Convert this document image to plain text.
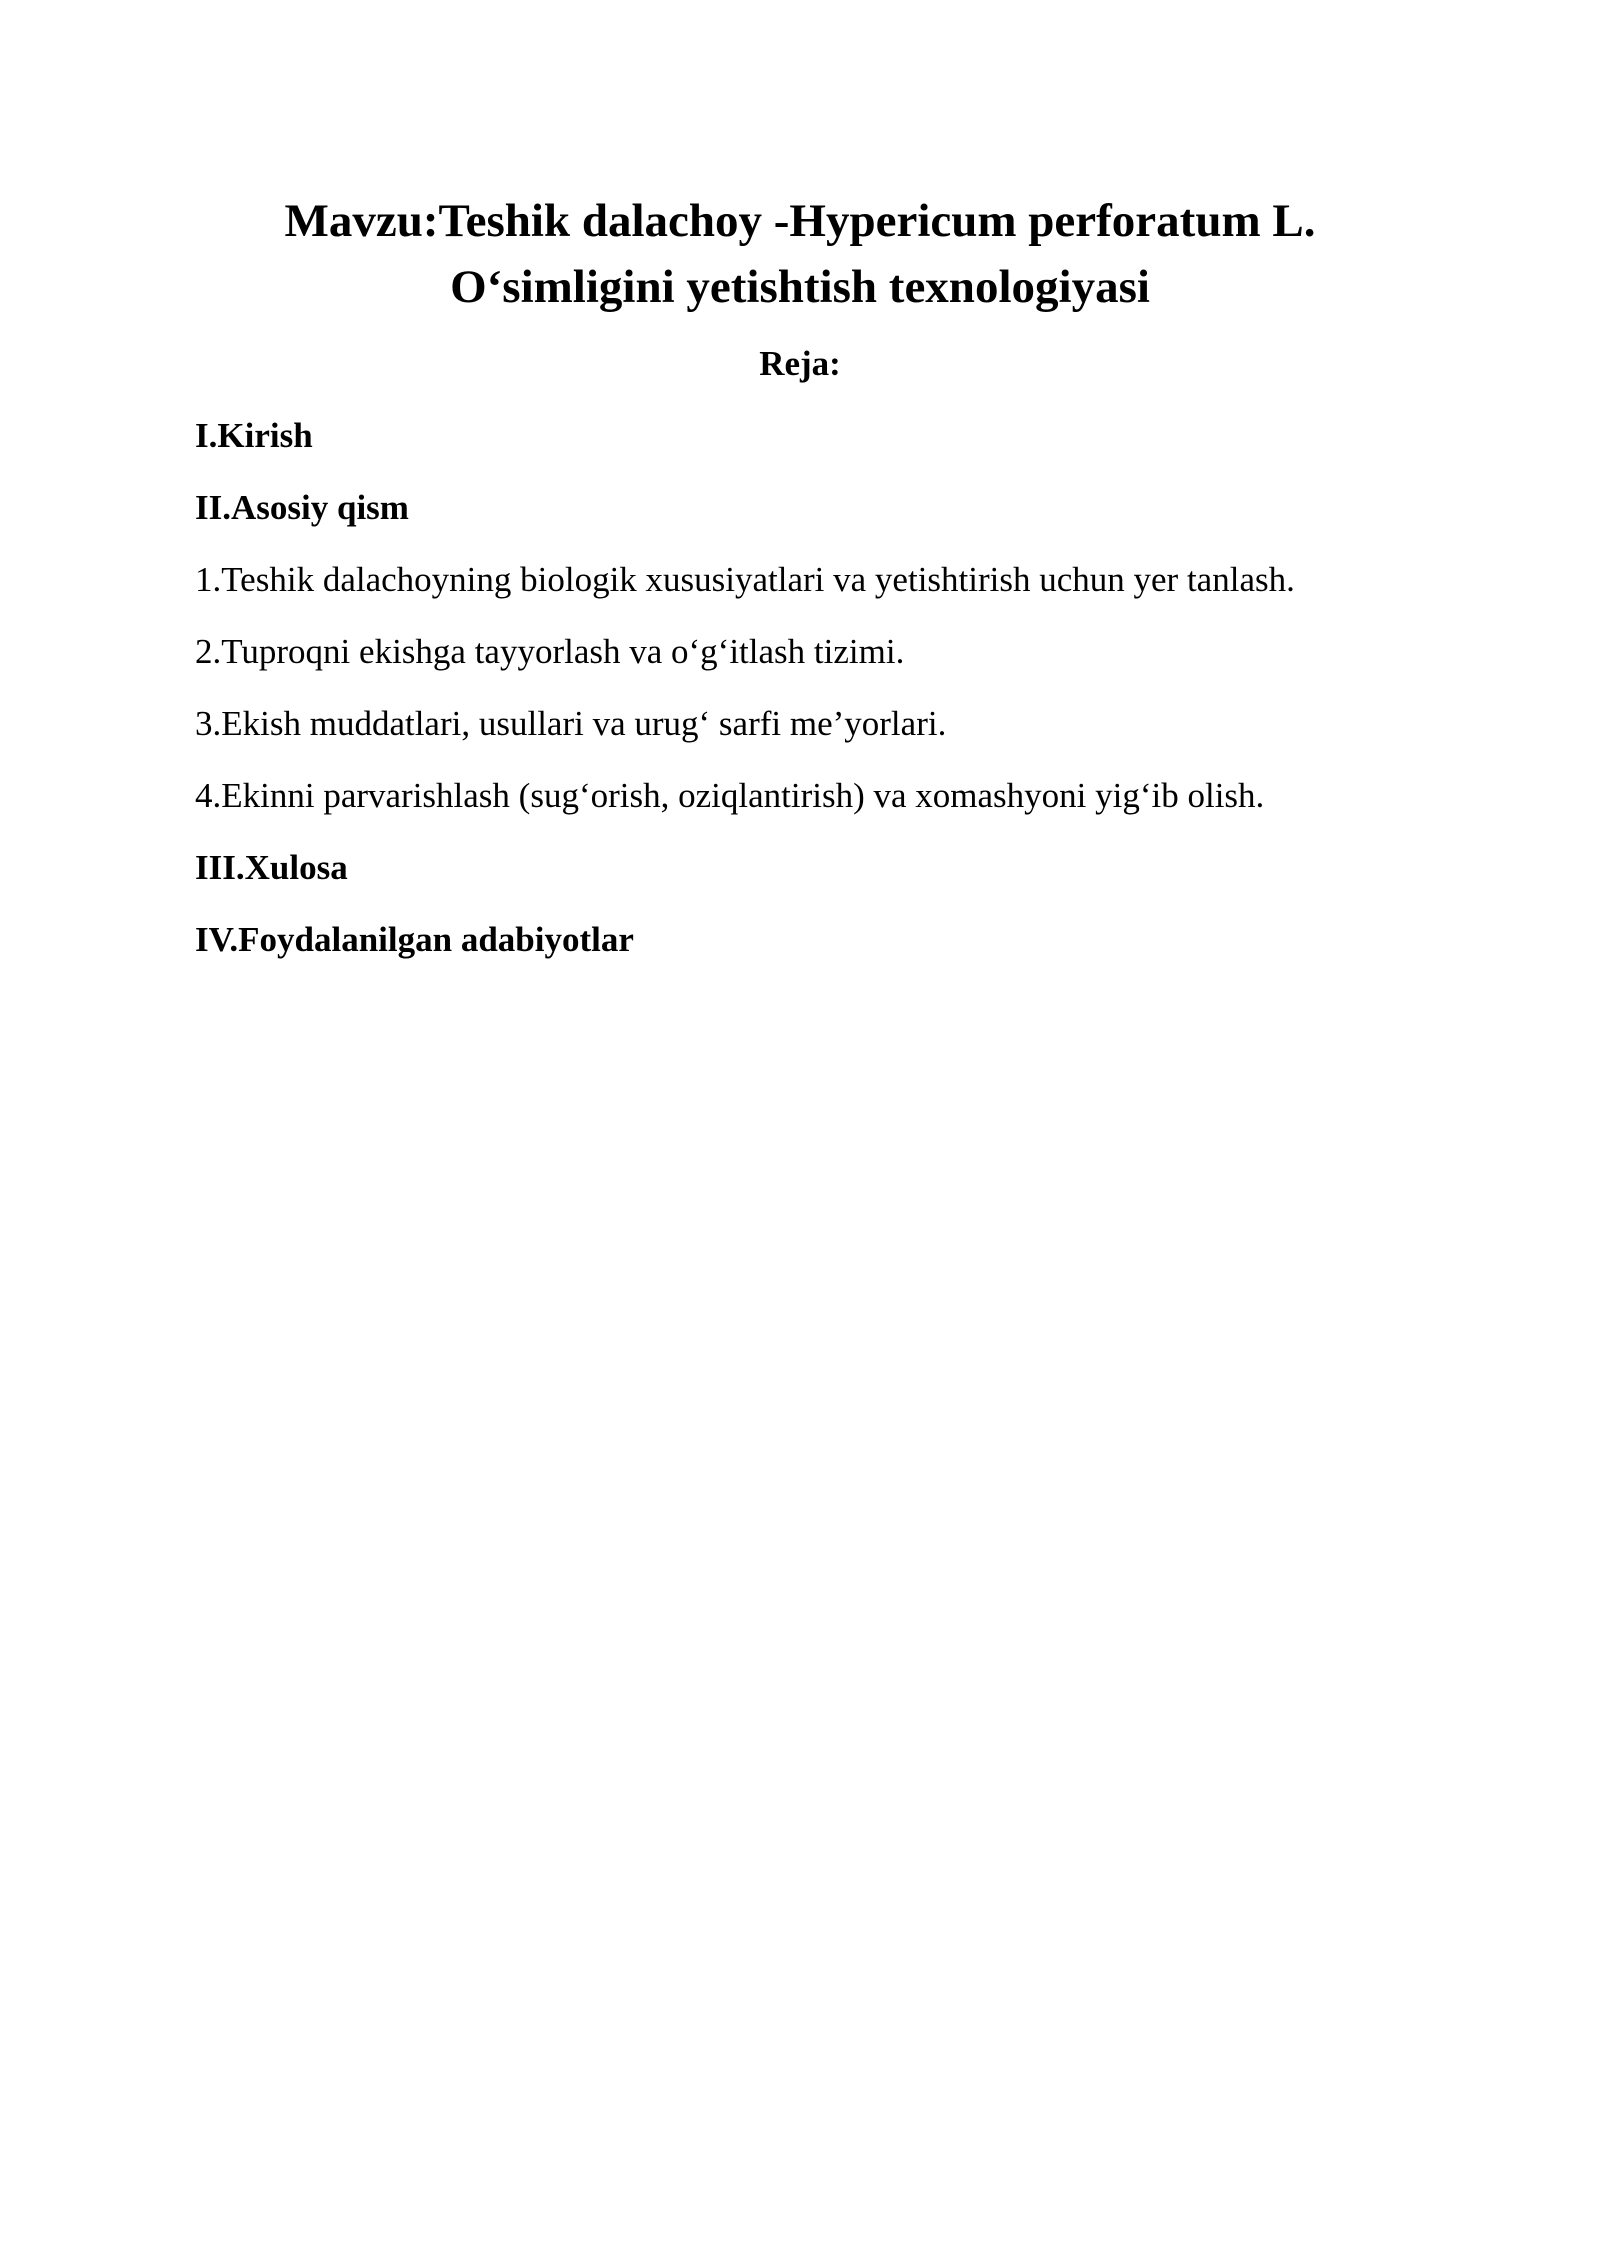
Mavzu:Teshik dalachoy -Hypericum perforatum L.
O‘simligini yetishtish texnologiyasi
Reja:
I.Kirish
II.Asosiy qism
1.Teshik dalachoyning biologik xususiyatlari va yetishtirish uchun yer tanlash.
2.Tuproqni ekishga tayyorlash va o‘g‘itlash tizimi.
3.Ekish muddatlari, usullari va urug‘ sarfi me’yorlari.
4.Ekinni parvarishlash (sug‘orish, oziqlantirish) va xomashyoni yig‘ib olish.
III.Xulosa
IV.Foydalanilgan adabiyotlar
